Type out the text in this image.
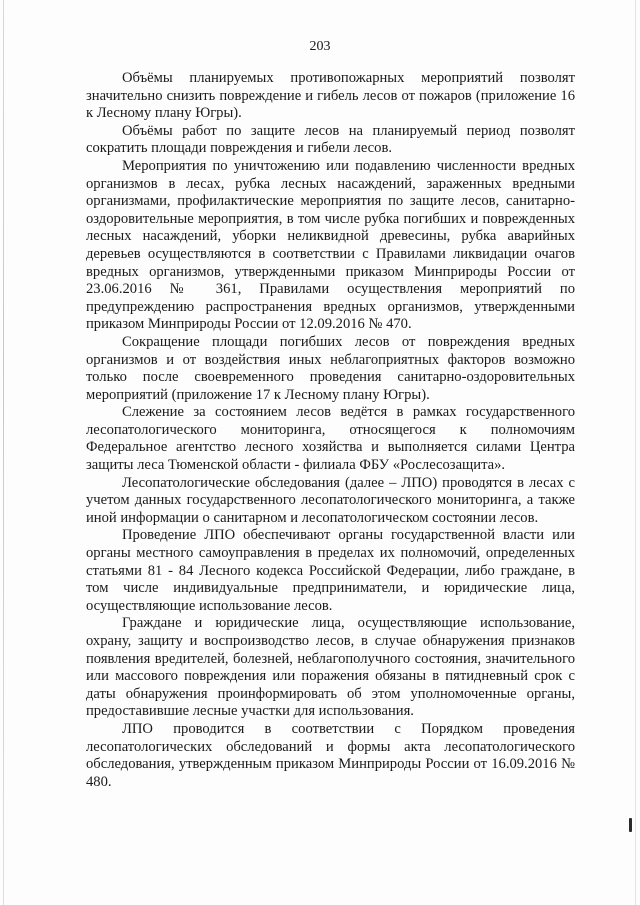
203

Объёмы планируемых противопожарных мероприятий позволят значительно снизить повреждение и гибель лесов от пожаров (приложение 16 к Лесному плану Югры).

Объёмы работ по защите лесов на планируемый период позволят сократить площади повреждения и гибели лесов.

Мероприятия по уничтожению или подавлению численности вредных организмов в лесах, рубка лесных насаждений, зараженных вредными организмами, профилактические мероприятия по защите лесов, санитарно-оздоровительные мероприятия, в том числе рубка погибших и поврежденных лесных насаждений, уборки неликвидной древесины, рубка аварийных деревьев осуществляются в соответствии с Правилами ликвидации очагов вредных организмов, утвержденными приказом Минприроды России от 23.06.2016 № 361, Правилами осуществления мероприятий по предупреждению распространения вредных организмов, утвержденными приказом Минприроды России от 12.09.2016 № 470.

Сокращение площади погибших лесов от повреждения вредных организмов и от воздействия иных неблагоприятных факторов возможно только после своевременного проведения санитарно-оздоровительных мероприятий (приложение 17 к Лесному плану Югры).

Слежение за состоянием лесов ведётся в рамках государственного лесопатологического мониторинга, относящегося к полномочиям Федеральное агентство лесного хозяйства и выполняется силами Центра защиты леса Тюменской области - филиала ФБУ «Рослесозащита».

Лесопатологические обследования (далее – ЛПО) проводятся в лесах с учетом данных государственного лесопатологического мониторинга, а также иной информации о санитарном и лесопатологическом состоянии лесов.

Проведение ЛПО обеспечивают органы государственной власти или органы местного самоуправления в пределах их полномочий, определенных статьями 81 - 84 Лесного кодекса Российской Федерации, либо граждане, в том числе индивидуальные предприниматели, и юридические лица, осуществляющие использование лесов.

Граждане и юридические лица, осуществляющие использование, охрану, защиту и воспроизводство лесов, в случае обнаружения признаков появления вредителей, болезней, неблагополучного состояния, значительного или массового повреждения или поражения обязаны в пятидневный срок с даты обнаружения проинформировать об этом уполномоченные органы, предоставившие лесные участки для использования.

ЛПО проводится в соответствии с Порядком проведения лесопатологических обследований и формы акта лесопатологического обследования, утвержденным приказом Минприроды России от 16.09.2016 № 480.
